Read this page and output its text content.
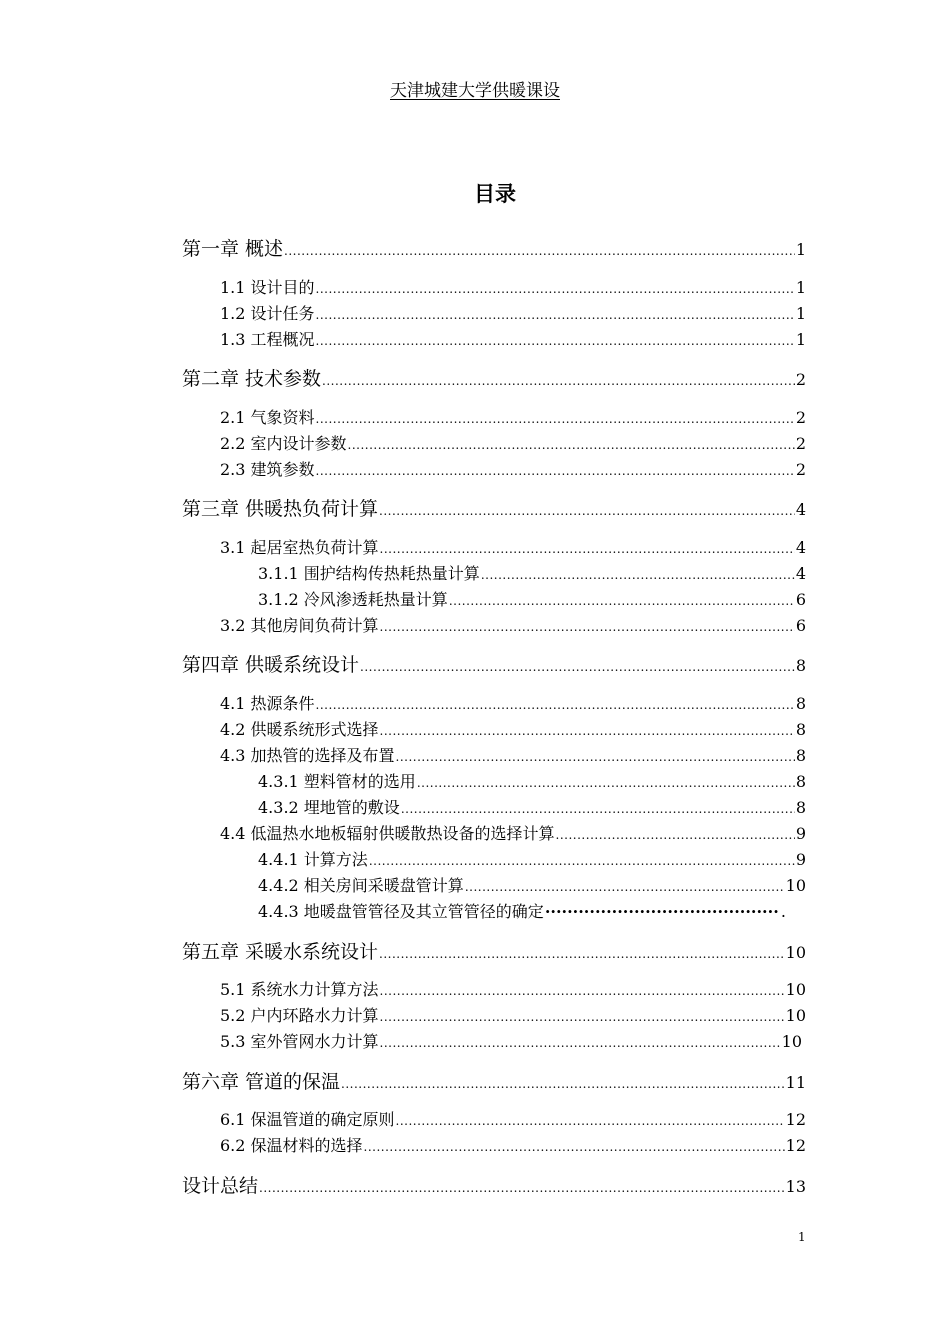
天津城建大学供暖课设
目录
第一章 概述 .....	1
1.1 设计目的 .....	1
1.2 设计任务 .....	1
1.3 工程概况 .....	1
第二章 技术参数 .....	2
2.1 气象资料 .....	2
2.2 室内设计参数 .....	2
2.3 建筑参数 .....	2
第三章 供暖热负荷计算 .....	4
3.1 起居室热负荷计算 .....	4
3.1.1 围护结构传热耗热量计算 .....	4
3.1.2 冷风渗透耗热量计算 .....	6
3.2 其他房间负荷计算 .....	6
第四章 供暖系统设计 .....	8
4.1 热源条件 .....	8
4.2 供暖系统形式选择 .....	8
4.3 加热管的选择及布置 .....	8
4.3.1 塑料管材的选用 .....	8
4.3.2 埋地管的敷设 .....	8
4.4 低温热水地板辐射供暖散热设备的选择计算 .....	9
4.4.1 计算方法 .....	9
4.4.2 相关房间采暖盘管计算 .....	10
4.4.3 地暖盘管管径及其立管管径的确定 ·····	.
第五章 采暖水系统设计 .....	10
5.1 系统水力计算方法 .....	10
5.2 户内环路水力计算 .....	10
5.3 室外管网水力计算 .....	10
第六章 管道的保温 .....	11
6.1 保温管道的确定原则 .....	12
6.2 保温材料的选择 .....	12
设计总结 .....	13
1
